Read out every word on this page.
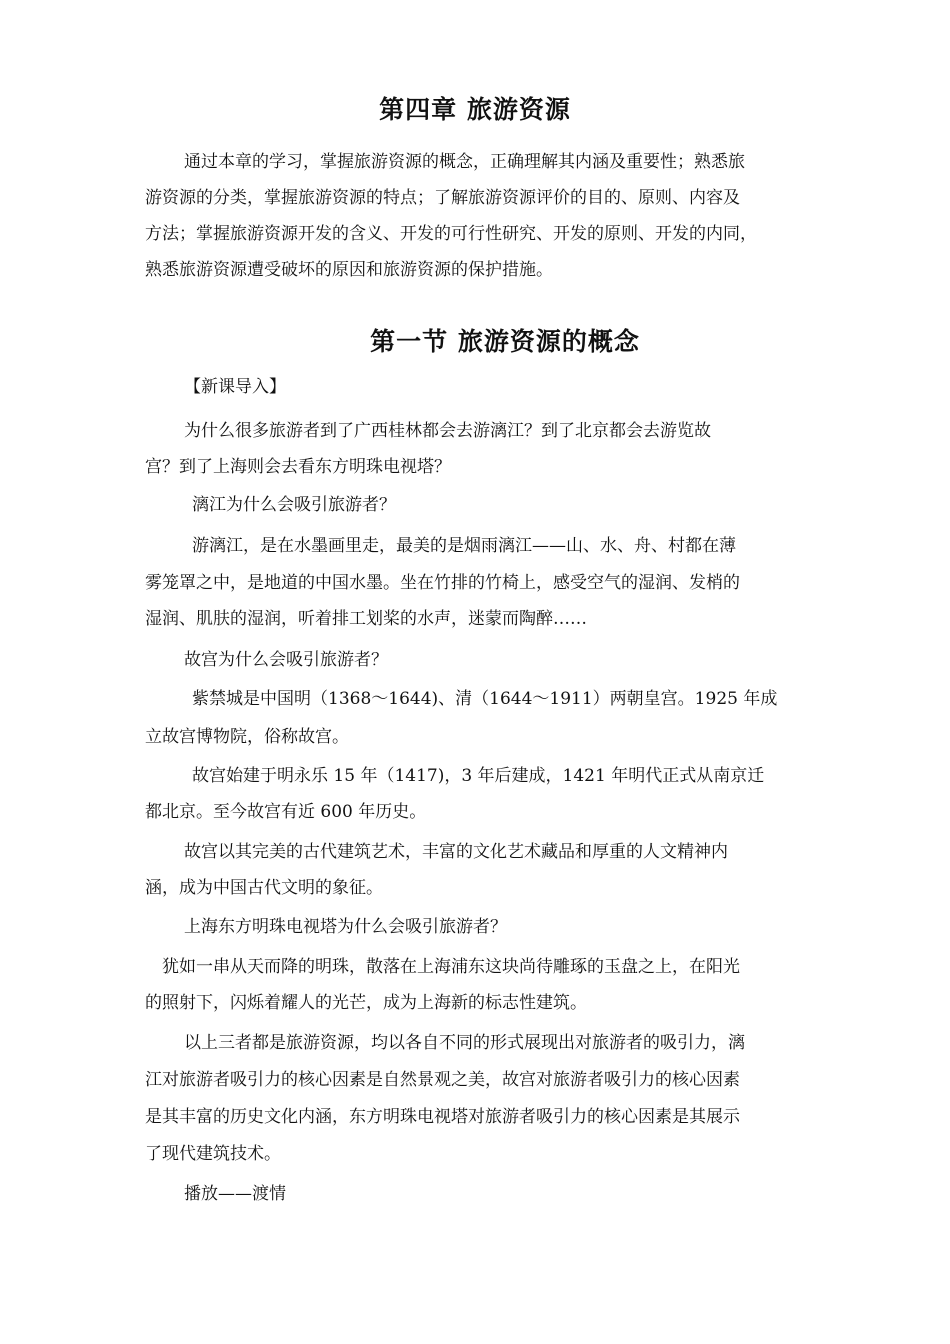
第四章 旅游资源
通过本章的学习，掌握旅游资源的概念，正确理解其内涵及重要性；熟悉旅
游资源的分类，掌握旅游资源的特点；了解旅游资源评价的目的、原则、内容及
方法；掌握旅游资源开发的含义、开发的可行性研究、开发的原则、开发的内同，
熟悉旅游资源遭受破坏的原因和旅游资源的保护措施。
第一节 旅游资源的概念
【新课导入】
为什么很多旅游者到了广西桂林都会去游漓江？到了北京都会去游览故
宫？到了上海则会去看东方明珠电视塔？
漓江为什么会吸引旅游者？
游漓江，是在水墨画里走，最美的是烟雨漓江——山、水、舟、村都在薄
雾笼罩之中，是地道的中国水墨。坐在竹排的竹椅上，感受空气的湿润、发梢的
湿润、肌肤的湿润，听着排工划桨的水声，迷蒙而陶醉……
故宫为什么会吸引旅游者？
紫禁城是中国明（1368～1644)、清（1644～1911）两朝皇宫。1925 年成
立故宫博物院，俗称故宫。
故宫始建于明永乐 15 年（1417)，3 年后建成，1421 年明代正式从南京迁
都北京。至今故宫有近 600 年历史。
故宫以其完美的古代建筑艺术，丰富的文化艺术藏品和厚重的人文精神内
涵，成为中国古代文明的象征。
上海东方明珠电视塔为什么会吸引旅游者？
犹如一串从天而降的明珠，散落在上海浦东这块尚待雕琢的玉盘之上，在阳光
的照射下，闪烁着耀人的光芒，成为上海新的标志性建筑。
以上三者都是旅游资源，均以各自不同的形式展现出对旅游者的吸引力，漓
江对旅游者吸引力的核心因素是自然景观之美，故宫对旅游者吸引力的核心因素
是其丰富的历史文化内涵，东方明珠电视塔对旅游者吸引力的核心因素是其展示
了现代建筑技术。
播放——渡情
